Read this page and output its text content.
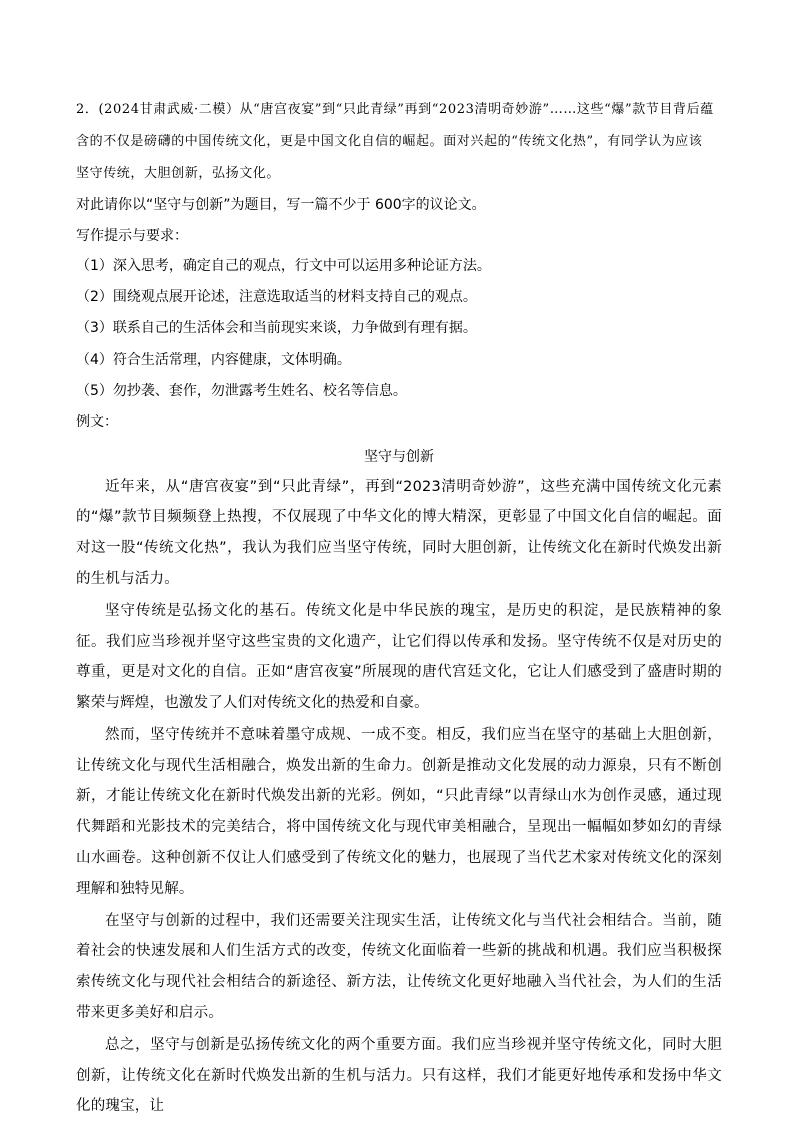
2．(2024甘肃武威·二模）从“唐宫夜宴”到“只此青绿”再到“2023清明奇妙游”……这些“爆”款节目背后蕴
含的不仅是磅礴的中国传统文化，更是中国文化自信的崛起。面对兴起的“传统文化热”，有同学认为应该
坚守传统，大胆创新，弘扬文化。
对此请你以“坚守与创新”为题目，写一篇不少于 600字的议论文。
写作提示与要求：
（1）深入思考，确定自己的观点，行文中可以运用多种论证方法。
（2）围绕观点展开论述，注意选取适当的材料支持自己的观点。
（3）联系自己的生活体会和当前现实来谈，力争做到有理有据。
（4）符合生活常理，内容健康，文体明确。
（5）勿抄袭、套作，勿泄露考生姓名、校名等信息。
例文：
坚守与创新

近年来，从“唐宫夜宴”到“只此青绿”，再到“2023清明奇妙游”，这些充满中国传统文化元素的“爆”款节目频频登上热搜，不仅展现了中华文化的博大精深，更彰显了中国文化自信的崛起。面对这一股“传统文化热”，我认为我们应当坚守传统，同时大胆创新，让传统文化在新时代焕发出新的生机与活力。

坚守传统是弘扬文化的基石。传统文化是中华民族的瑰宝，是历史的积淀，是民族精神的象征。我们应当珍视并坚守这些宝贵的文化遗产，让它们得以传承和发扬。坚守传统不仅是对历史的尊重，更是对文化的自信。正如“唐宫夜宴”所展现的唐代宫廷文化，它让人们感受到了盛唐时期的繁荣与辉煌，也激发了人们对传统文化的热爱和自豪。

然而，坚守传统并不意味着墨守成规、一成不变。相反，我们应当在坚守的基础上大胆创新，让传统文化与现代生活相融合，焕发出新的生命力。创新是推动文化发展的动力源泉，只有不断创新，才能让传统文化在新时代焕发出新的光彩。例如，“只此青绿”以青绿山水为创作灵感，通过现代舞蹈和光影技术的完美结合，将中国传统文化与现代审美相融合，呈现出一幅幅如梦如幻的青绿山水画卷。这种创新不仅让人们感受到了传统文化的魅力，也展现了当代艺术家对传统文化的深刻理解和独特见解。

在坚守与创新的过程中，我们还需要关注现实生活，让传统文化与当代社会相结合。当前，随着社会的快速发展和人们生活方式的改变，传统文化面临着一些新的挑战和机遇。我们应当积极探索传统文化与现代社会相结合的新途径、新方法，让传统文化更好地融入当代社会，为人们的生活带来更多美好和启示。

总之，坚守与创新是弘扬传统文化的两个重要方面。我们应当珍视并坚守传统文化，同时大胆创新，让传统文化在新时代焕发出新的生机与活力。只有这样，我们才能更好地传承和发扬中华文化的瑰宝，让
